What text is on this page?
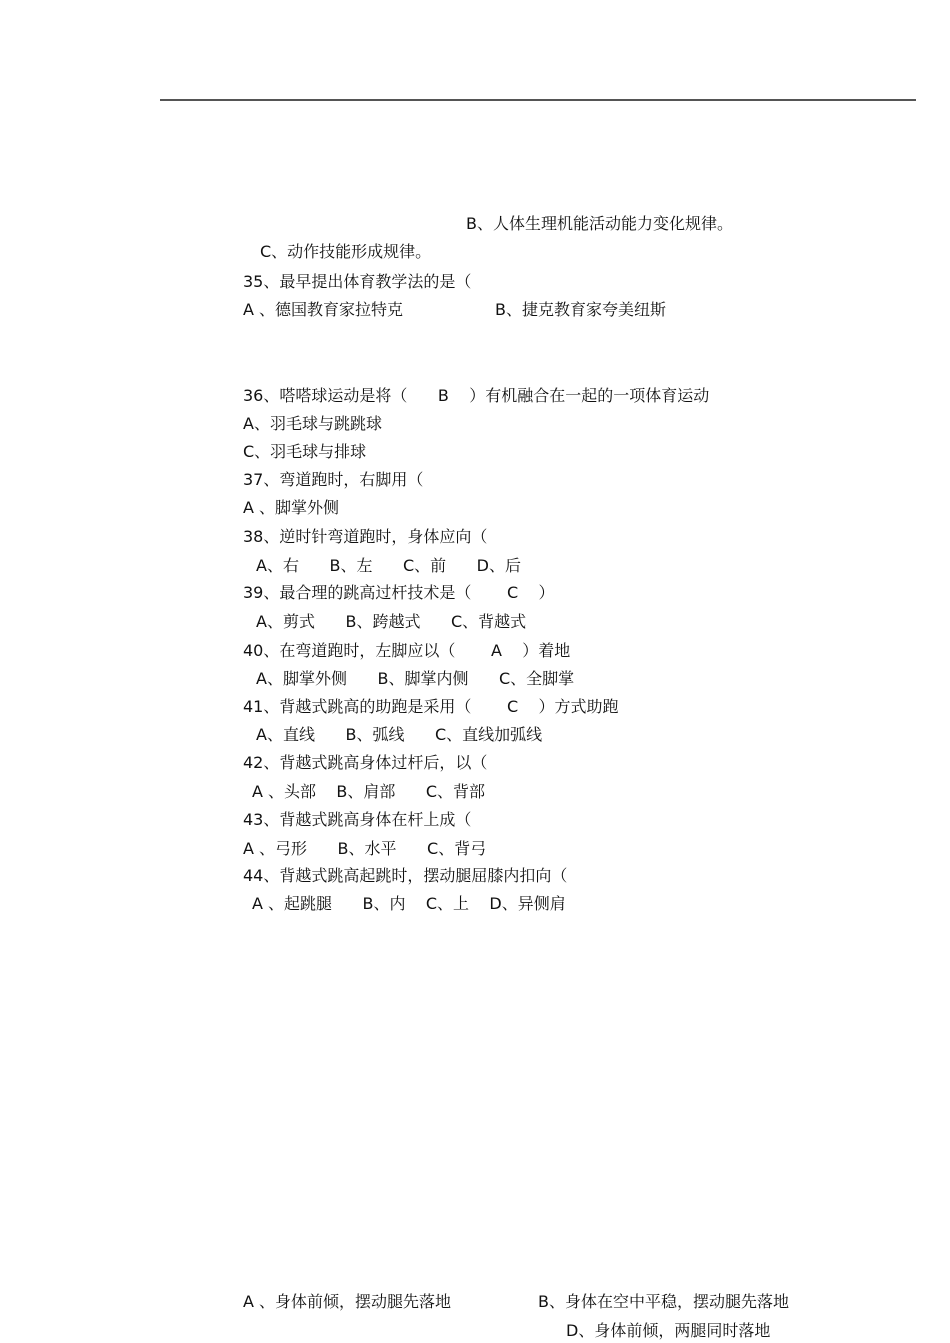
B、人体生理机能活动能力变化规律。
C、动作技能形成规律。
35、最早提出体育教学法的是（
A 、德国教育家拉特克	B、捷克教育家夸美纽斯
36、嗒嗒球运动是将（      B    ）有机融合在一起的一项体育运动
A、羽毛球与跳跳球
C、羽毛球与排球
37、弯道跑时，右脚用（
A 、脚掌外侧
38、逆时针弯道跑时，身体应向（
A、右      B、左      C、前      D、后
39、最合理的跳高过杆技术是（       C    ）
A、剪式      B、跨越式      C、背越式
40、在弯道跑时，左脚应以（       A    ）着地
A、脚掌外侧      B、脚掌内侧      C、全脚掌
41、背越式跳高的助跑是采用（       C    ）方式助跑
A、直线      B、弧线      C、直线加弧线
42、背越式跳高身体过杆后，以（
A 、头部    B、肩部      C、背部
43、背越式跳高身体在杆上成（
A 、弓形      B、水平      C、背弓
44、背越式跳高起跳时，摆动腿屈膝内扣向（
A 、起跳腿      B、内    C、上    D、异侧肩
A 、身体前倾，摆动腿先落地	B、身体在空中平稳，摆动腿先落地
D、身体前倾，两腿同时落地
